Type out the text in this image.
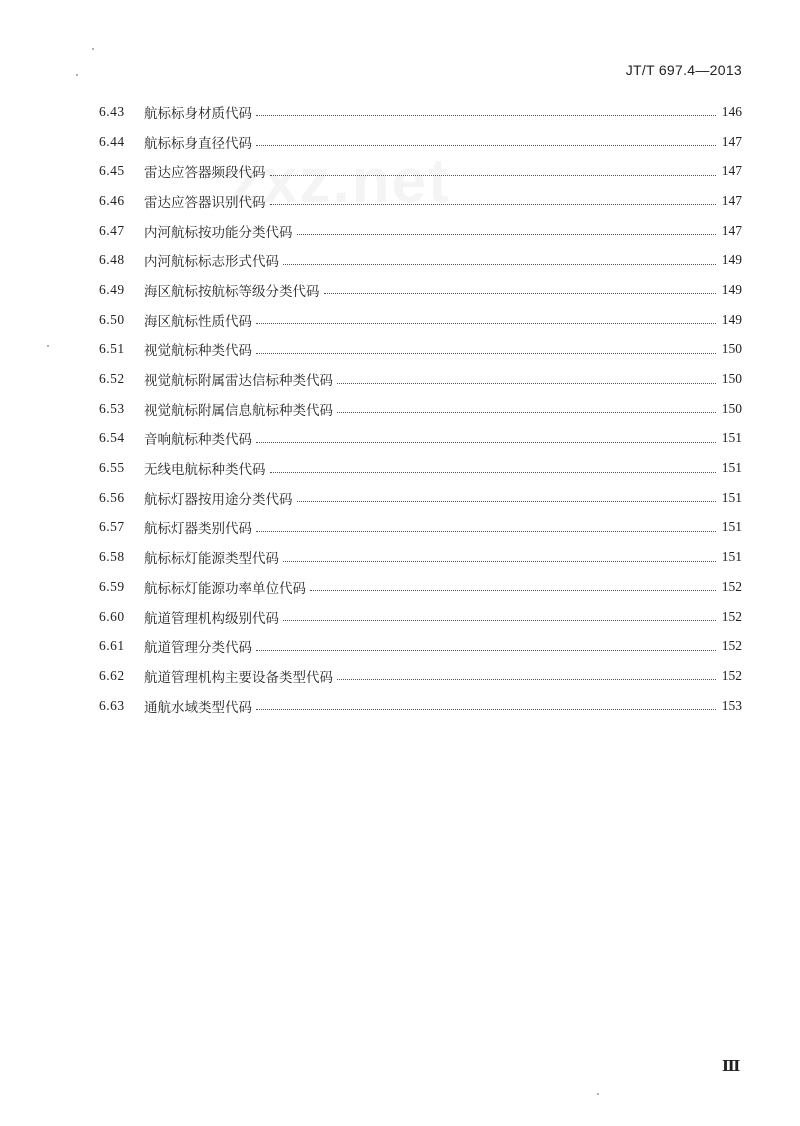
zxz.net
JT/T 697.4—2013
6.43	航标标身材质代码	146
6.44	航标标身直径代码	147
6.45	雷达应答器频段代码	147
6.46	雷达应答器识别代码	147
6.47	内河航标按功能分类代码	147
6.48	内河航标标志形式代码	149
6.49	海区航标按航标等级分类代码	149
6.50	海区航标性质代码	149
6.51	视觉航标种类代码	150
6.52	视觉航标附属雷达信标种类代码	150
6.53	视觉航标附属信息航标种类代码	150
6.54	音响航标种类代码	151
6.55	无线电航标种类代码	151
6.56	航标灯器按用途分类代码	151
6.57	航标灯器类别代码	151
6.58	航标标灯能源类型代码	151
6.59	航标标灯能源功率单位代码	152
6.60	航道管理机构级别代码	152
6.61	航道管理分类代码	152
6.62	航道管理机构主要设备类型代码	152
6.63	通航水域类型代码	153
Ⅲ
